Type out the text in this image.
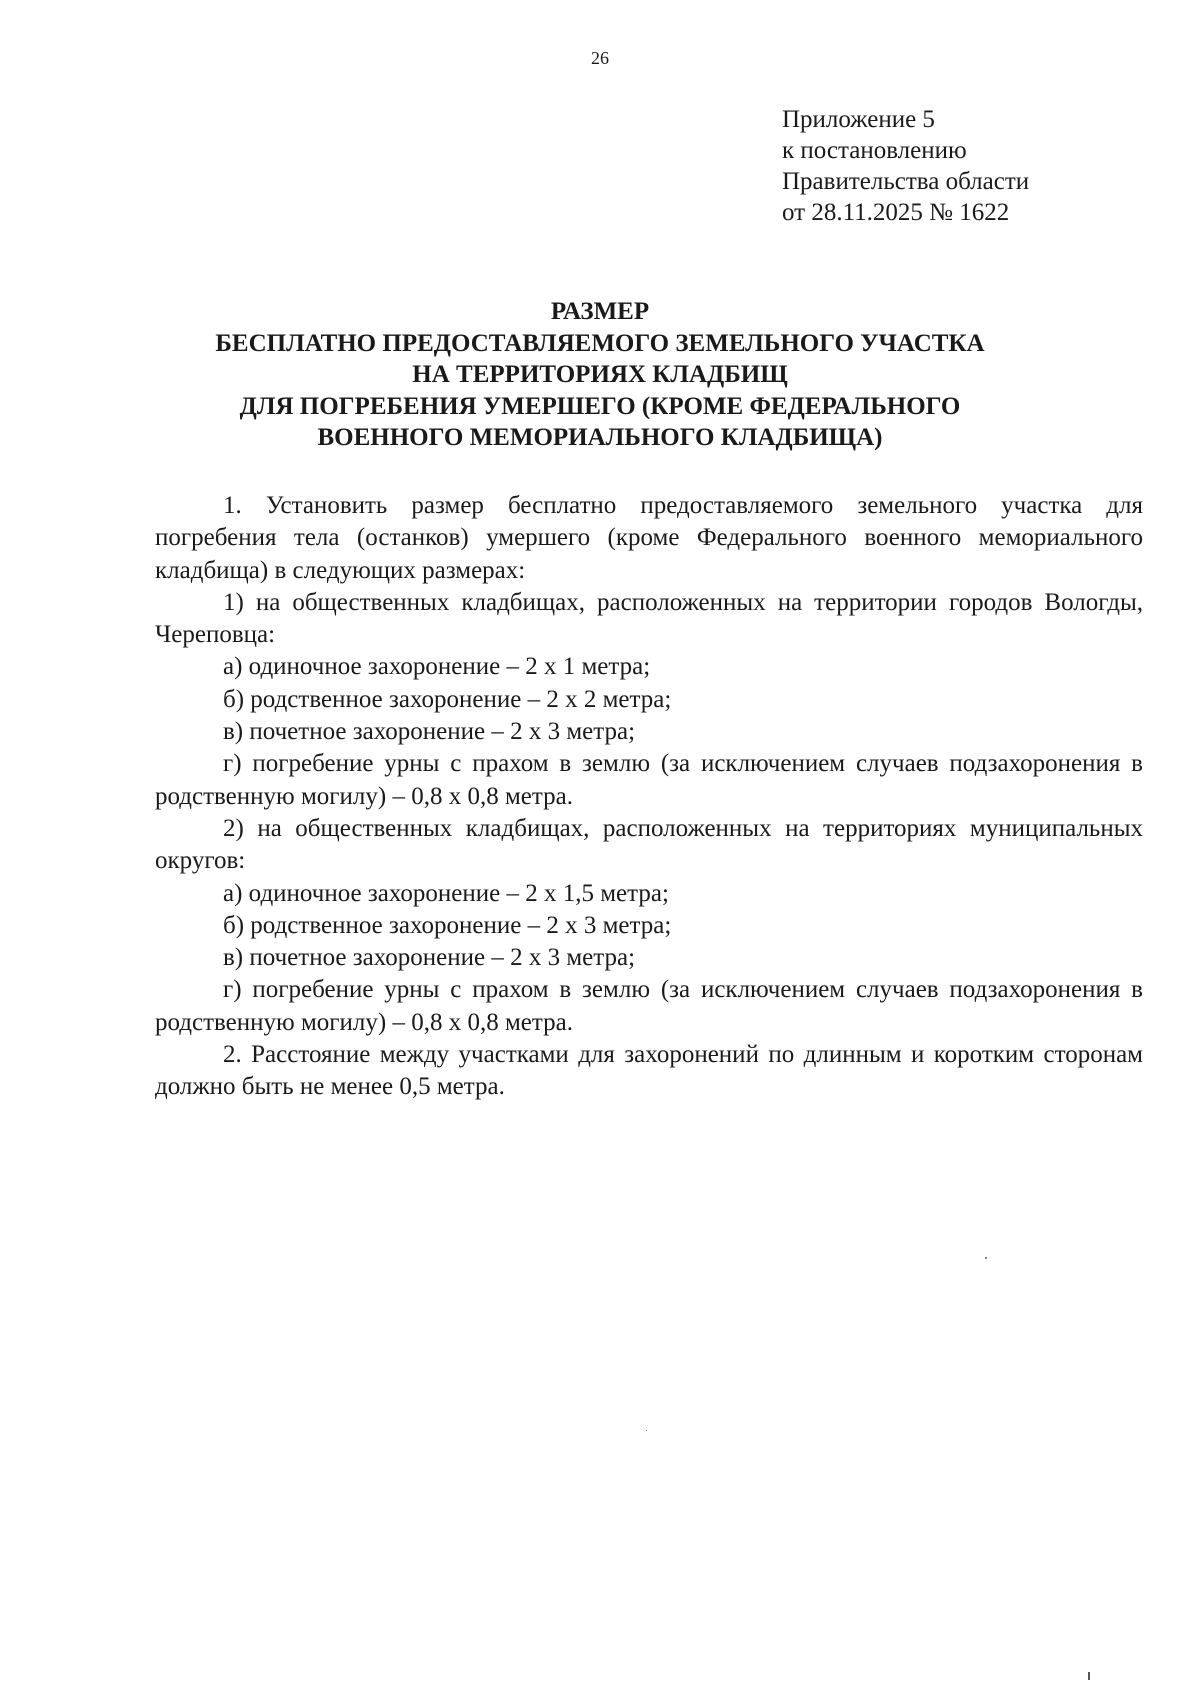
26
Приложение 5
к постановлению
Правительства области
от 28.11.2025 № 1622
РАЗМЕР
БЕСПЛАТНО ПРЕДОСТАВЛЯЕМОГО ЗЕМЕЛЬНОГО УЧАСТКА
НА ТЕРРИТОРИЯХ КЛАДБИЩ
ДЛЯ ПОГРЕБЕНИЯ УМЕРШЕГО (КРОМЕ ФЕДЕРАЛЬНОГО
ВОЕННОГО МЕМОРИАЛЬНОГО КЛАДБИЩА)

1. Установить размер бесплатно предоставляемого земельного участка для погребения тела (останков) умершего (кроме Федерального военного мемориального кладбища) в следующих размерах:

1) на общественных кладбищах, расположенных на территории городов Вологды, Череповца:

а) одиночное захоронение – 2 х 1 метра;

б) родственное захоронение – 2 х 2 метра;

в) почетное захоронение – 2 х 3 метра;

г) погребение урны с прахом в землю (за исключением случаев подзахоронения в родственную могилу) – 0,8 х 0,8 метра.

2) на общественных кладбищах, расположенных на территориях муниципальных округов:

а) одиночное захоронение – 2 х 1,5 метра;

б) родственное захоронение – 2 х 3 метра;

в) почетное захоронение – 2 х 3 метра;

г) погребение урны с прахом в землю (за исключением случаев подзахоронения в родственную могилу) – 0,8 х 0,8 метра.

2. Расстояние между участками для захоронений по длинным и коротким сторонам должно быть не менее 0,5 метра.
